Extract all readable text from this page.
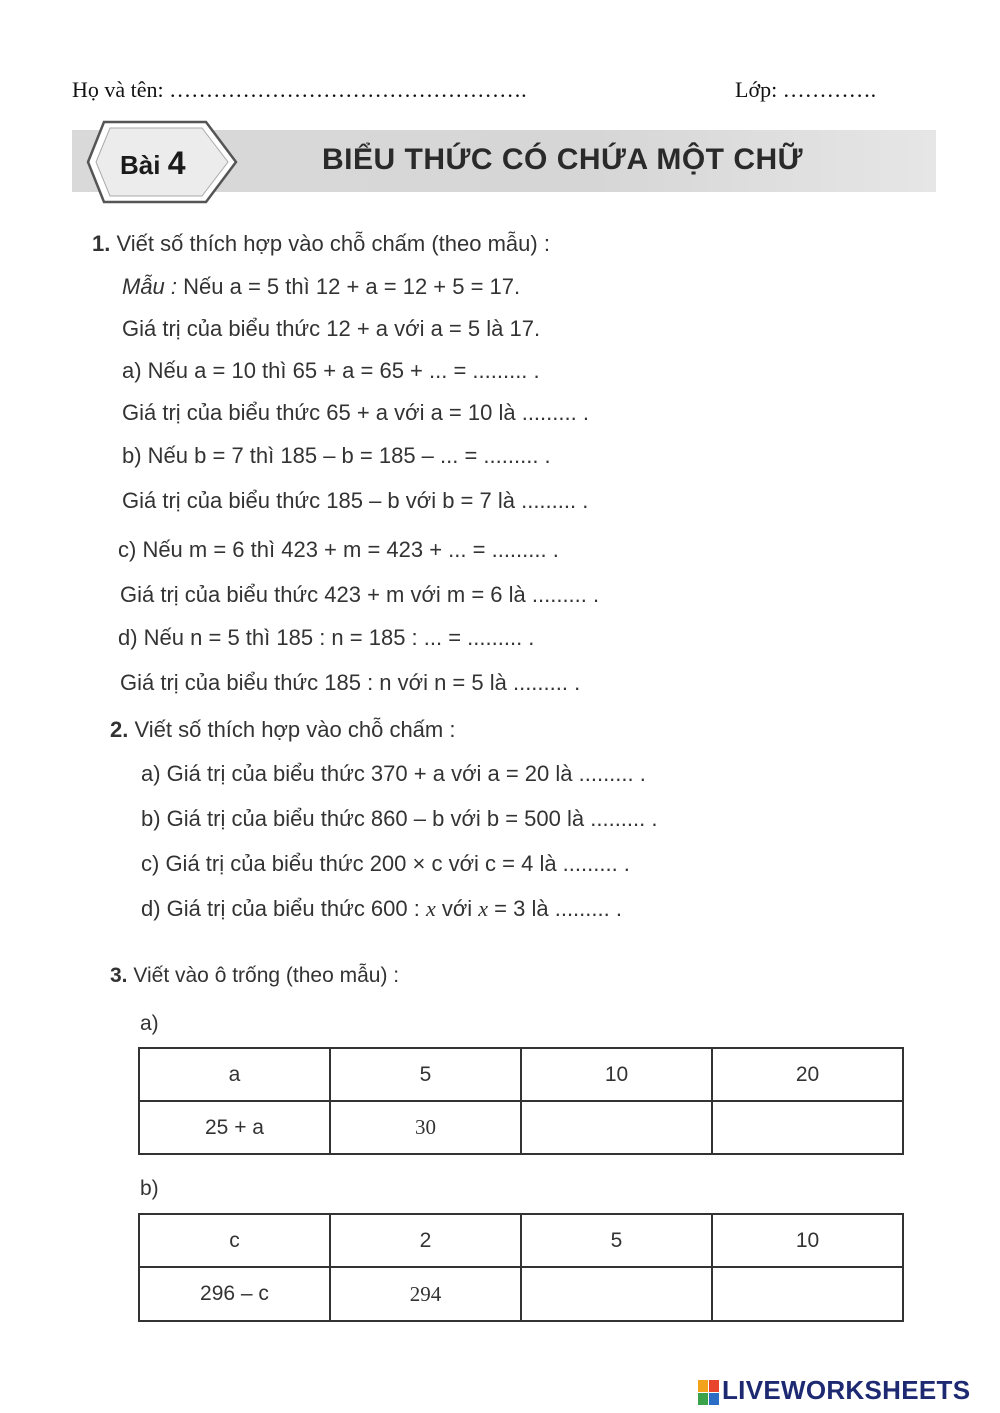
Họ và tên: ………………………………………….	Lớp: ………….
Bài 4	BIỂU THỨC CÓ CHỨA MỘT CHỮ
1. Viết số thích hợp vào chỗ chấm (theo mẫu) :
Mẫu : Nếu a = 5 thì 12 + a = 12 + 5 = 17.
Giá trị của biểu thức 12 + a với a = 5 là 17.
a) Nếu a = 10 thì 65 + a = 65 + ... = ......... .
Giá trị của biểu thức 65 + a với a = 10 là ......... .
b) Nếu b = 7 thì 185 – b = 185 – ... = ......... .
Giá trị của biểu thức 185 – b với b = 7 là ......... .
c) Nếu m = 6 thì 423 + m = 423 + ... = ......... .
Giá trị của biểu thức 423 + m với m = 6 là ......... .
d) Nếu n = 5 thì 185 : n = 185 : ... = ......... .
Giá trị của biểu thức 185 : n với n = 5 là ......... .
2. Viết số thích hợp vào chỗ chấm :
a) Giá trị của biểu thức 370 + a với a = 20 là ......... .
b) Giá trị của biểu thức 860 – b với b = 500 là ......... .
c) Giá trị của biểu thức 200 × c với c = 4 là ......... .
d) Giá trị của biểu thức 600 : x với x = 3 là ......... .
3. Viết vào ô trống (theo mẫu) :
a)
a	5	10	20
25 + a	30		
b)
c	2	5	10
296 – c	294		
LIVEWORKSHEETS
